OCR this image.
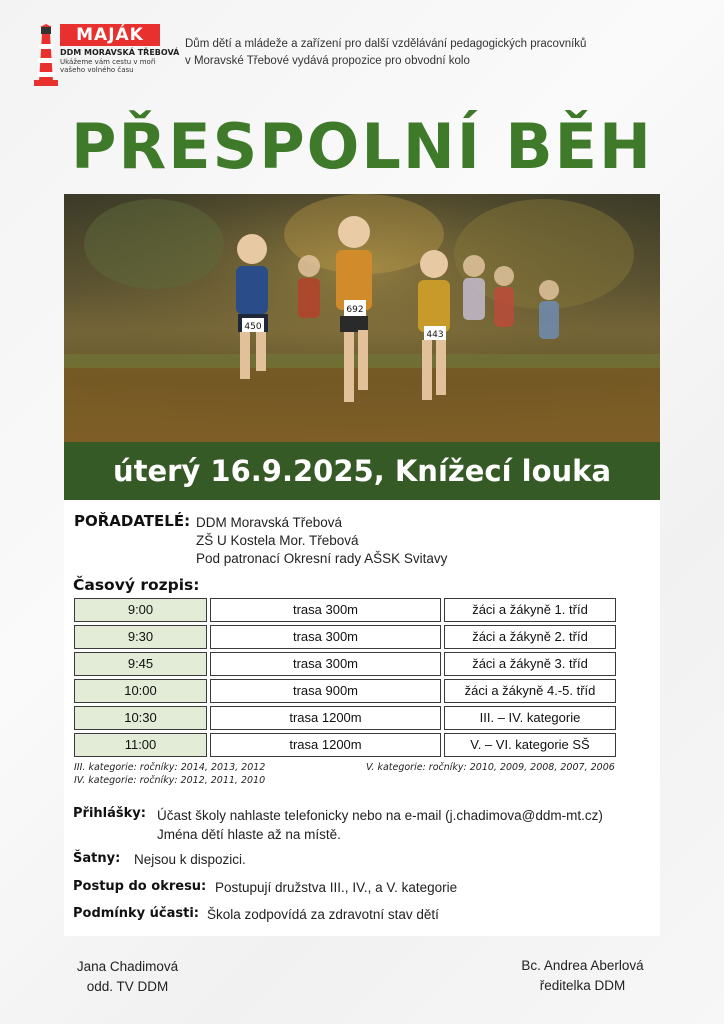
MAJÁK
DDM MORAVSKÁ TŘEBOVÁ
Ukážeme vám cestu v moři vašeho volného času
Dům dětí a mládeže a zařízení pro další vzdělávání pedagogických pracovníků
v Moravské Třebové vydává propozice pro obvodní kolo
PŘESPOLNÍ BĚH
450
692
443
úterý 16.9.2025, Knížecí louka
POŘADATELÉ: DDM Moravská Třebová
ZŠ U Kostela Mor. Třebová
Pod patronací Okresní rady AŠSK Svitavy
Časový rozpis:
9:00	trasa 300m	žáci a žákyně 1. tříd
9:30	trasa 300m	žáci a žákyně 2. tříd
9:45	trasa 300m	žáci a žákyně 3. tříd
10:00	trasa 900m	žáci a žákyně 4.-5. tříd
10:30	trasa 1200m	III. – IV. kategorie
11:00	trasa 1200m	V. – VI. kategorie SŠ
III. kategorie: ročníky: 2014, 2013, 2012
IV. kategorie: ročníky: 2012, 2011, 2010
V. kategorie: ročníky: 2010, 2009, 2008, 2007, 2006
Přihlášky: Účast školy nahlaste telefonicky nebo na e-mail (j.chadimova@ddm-mt.cz)
Jména dětí hlaste až na místě.
Šatny: Nejsou k dispozici.
Postup do okresu: Postupují družstva III., IV., a V. kategorie
Podmínky účasti: Škola zodpovídá za zdravotní stav dětí
Jana Chadimová
odd. TV DDM
Bc. Andrea Aberlová
ředitelka DDM
